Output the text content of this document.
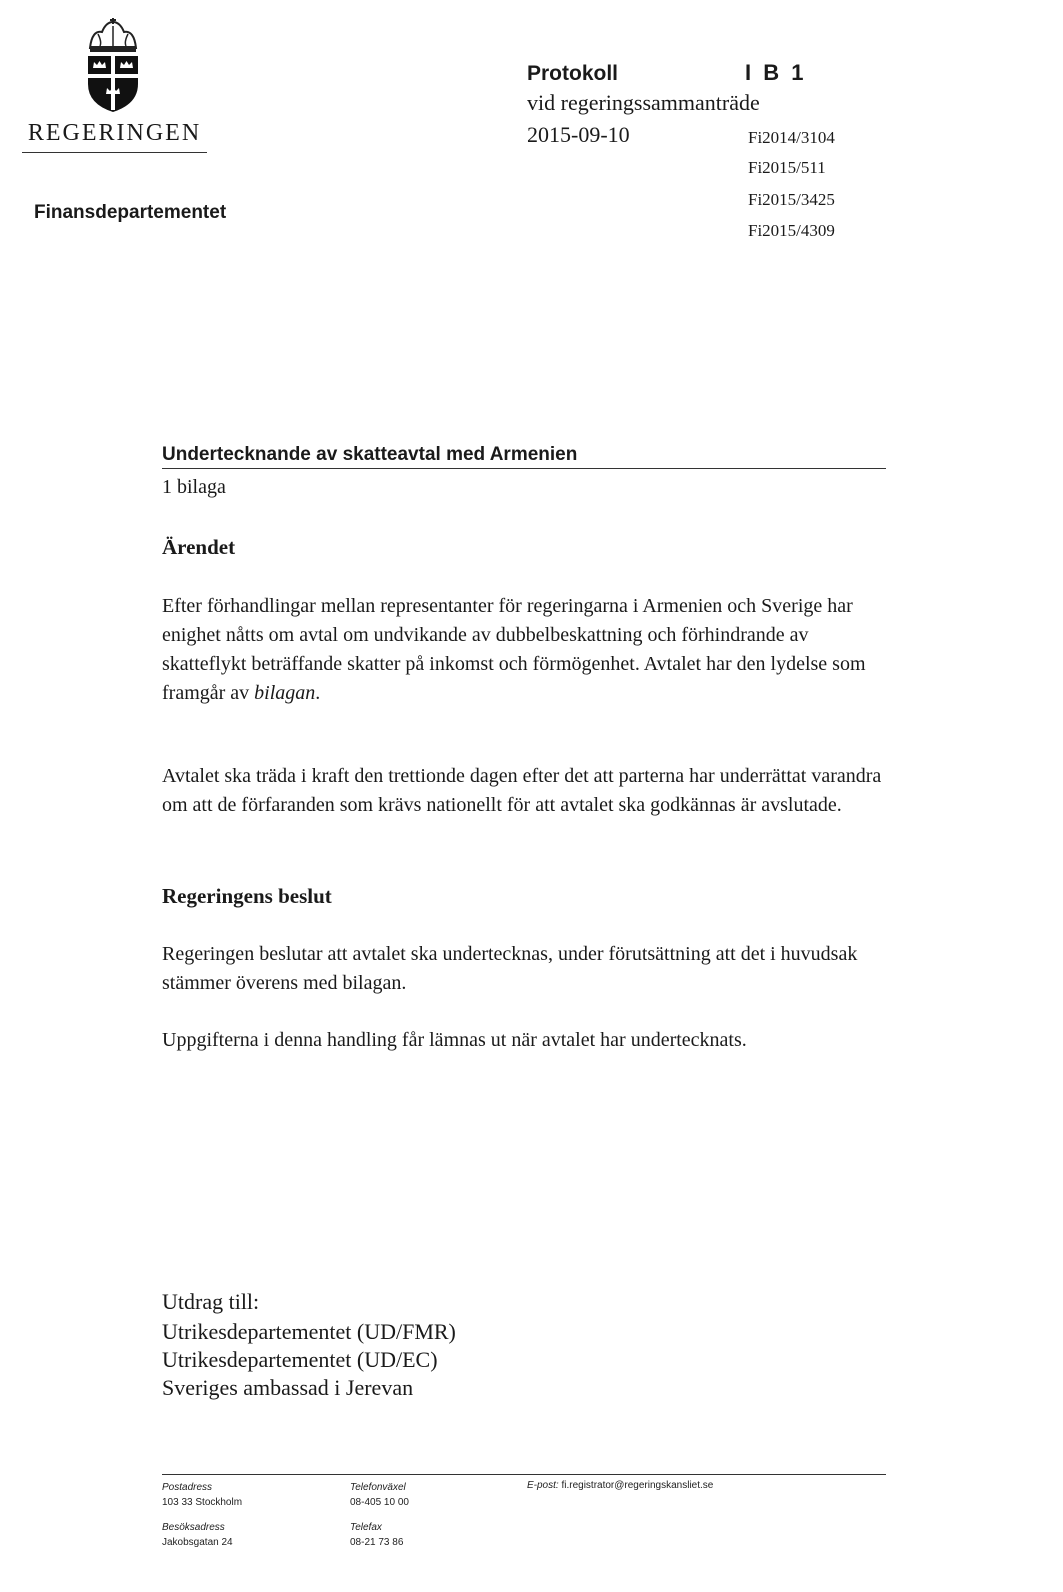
REGERINGEN
Finansdepartementet
Protokoll	I B 1
vid regeringssammanträde
2015-09-10	Fi2014/3104
Fi2015/511
Fi2015/3425
Fi2015/4309
Undertecknande av skatteavtal med Armenien
1 bilaga
Ärendet

Efter förhandlingar mellan representanter för regeringarna i Armenien och Sverige har enighet nåtts om avtal om undvikande av dubbelbeskattning och förhindrande av skatteflykt beträffande skatter på inkomst och förmögenhet. Avtalet har den lydelse som framgår av bilagan.

Avtalet ska träda i kraft den trettionde dagen efter det att parterna har underrättat varandra om att de förfaranden som krävs nationellt för att avtalet ska godkännas är avslutade.

Regeringens beslut

Regeringen beslutar att avtalet ska undertecknas, under förutsättning att det i huvudsak stämmer överens med bilagan.

Uppgifterna i denna handling får lämnas ut när avtalet har undertecknats.

Utdrag till:
Utrikesdepartementet (UD/FMR)
Utrikesdepartementet (UD/EC)
Sveriges ambassad i Jerevan
Postadress
103 33 Stockholm
Besöksadress
Jakobsgatan 24
Telefonväxel
08-405 10 00
Telefax
08-21 73 86
E-post: fi.registrator@regeringskansliet.se
